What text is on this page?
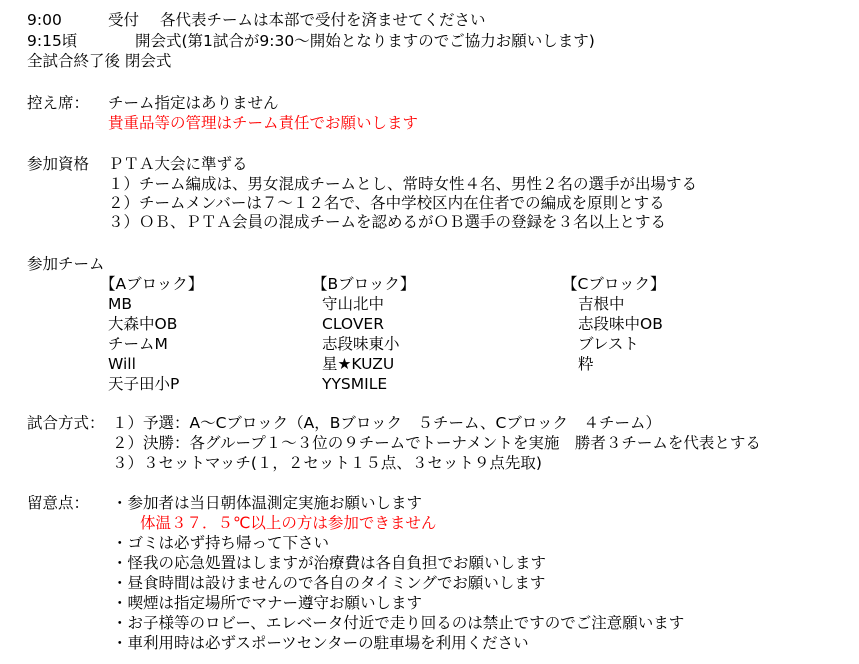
9:00	受付 各代表チームは本部で受付を済ませてください
9:15頃	開会式(第1試合が9:30～開始となりますのでご協力お願いします)
全試合終了後 閉会式
控え席： チーム指定はありません
貴重品等の管理はチーム責任でお願いします
参加資格 ＰＴＡ大会に準ずる
１）チーム編成は、男女混成チームとし、常時女性４名、男性２名の選手が出場する
２）チームメンバーは７～１２名で、各中学校区内在住者での編成を原則とする
３）ＯＢ、ＰＴＡ会員の混成チームを認めるがＯＢ選手の登録を３名以上とする
参加チーム
【Aブロック】
MB
大森中OB
チームM
Will
天子田小P
【Bブロック】
守山北中
CLOVER
志段味東小
星★KUZU
YYSMILE
【Cブロック】
吉根中
志段味中OB
ブレスト
粋
試合方式： １）予選：A～Cブロック（A，Bブロック　５チーム、Cブロック　４チーム）
２）決勝：各グループ１～３位の９チームでトーナメントを実施　勝者３チームを代表とする
３）３セットマッチ(１，２セット１５点、３セット９点先取)
留意点： ・参加者は当日朝体温測定実施お願いします
体温３７．５℃以上の方は参加できません
・ゴミは必ず持ち帰って下さい
・怪我の応急処置はしますが治療費は各自負担でお願いします
・昼食時間は設けませんので各自のタイミングでお願いします
・喫煙は指定場所でマナー遵守お願いします
・お子様等のロビー、エレベータ付近で走り回るのは禁止ですのでご注意願います
・車利用時は必ずスポーツセンターの駐車場を利用ください
